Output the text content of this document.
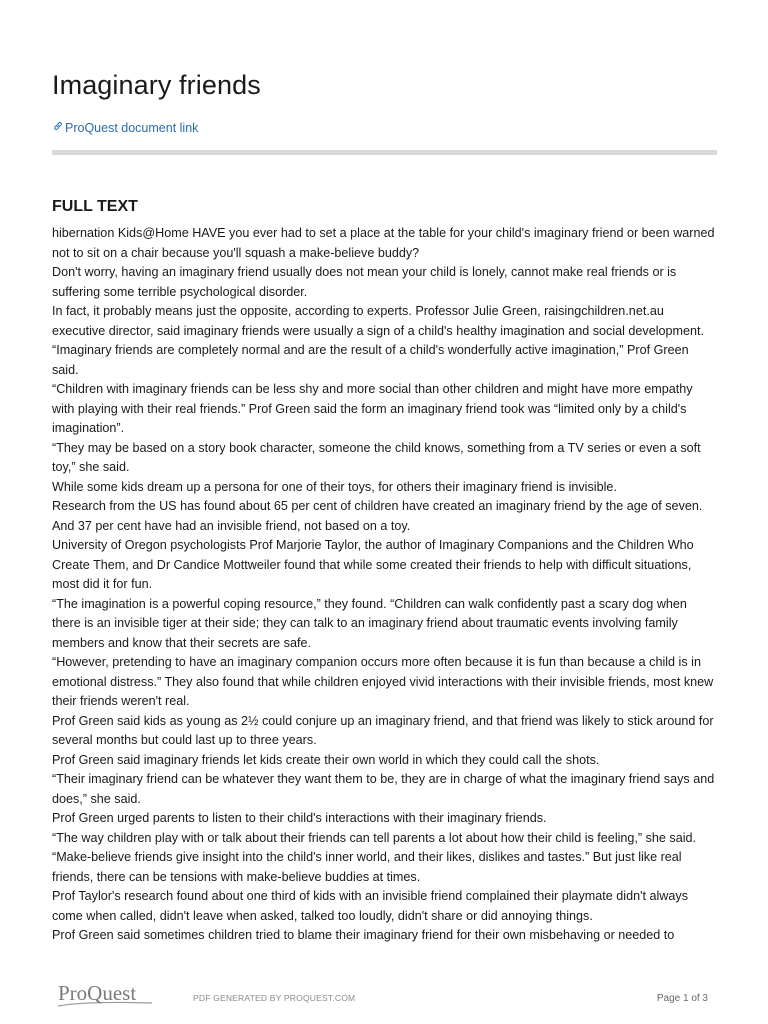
Imaginary friends
ProQuest document link
FULL TEXT

hibernation Kids@Home HAVE you ever had to set a place at the table for your child's imaginary friend or been warned not to sit on a chair because you'll squash a make-believe buddy?

Don't worry, having an imaginary friend usually does not mean your child is lonely, cannot make real friends or is suffering some terrible psychological disorder.

In fact, it probably means just the opposite, according to experts. Professor Julie Green, raisingchildren.net.au executive director, said imaginary friends were usually a sign of a child's healthy imagination and social development.

“Imaginary friends are completely normal and are the result of a child's wonderfully active imagination,” Prof Green said.

“Children with imaginary friends can be less shy and more social than other children and might have more empathy with playing with their real friends.” Prof Green said the form an imaginary friend took was “limited only by a child's imagination”.

“They may be based on a story book character, someone the child knows, something from a TV series or even a soft toy,” she said.

While some kids dream up a persona for one of their toys, for others their imaginary friend is invisible.

Research from the US has found about 65 per cent of children have created an imaginary friend by the age of seven. And 37 per cent have had an invisible friend, not based on a toy.

University of Oregon psychologists Prof Marjorie Taylor, the author of Imaginary Companions and the Children Who Create Them, and Dr Candice Mottweiler found that while some created their friends to help with difficult situations, most did it for fun.

“The imagination is a powerful coping resource,” they found. “Children can walk confidently past a scary dog when there is an invisible tiger at their side; they can talk to an imaginary friend about traumatic events involving family members and know that their secrets are safe.

“However, pretending to have an imaginary companion occurs more often because it is fun than because a child is in emotional distress.” They also found that while children enjoyed vivid interactions with their invisible friends, most knew their friends weren't real.

Prof Green said kids as young as 2½ could conjure up an imaginary friend, and that friend was likely to stick around for several months but could last up to three years.

Prof Green said imaginary friends let kids create their own world in which they could call the shots.

“Their imaginary friend can be whatever they want them to be, they are in charge of what the imaginary friend says and does,” she said.

Prof Green urged parents to listen to their child's interactions with their imaginary friends.

“The way children play with or talk about their friends can tell parents a lot about how their child is feeling,” she said.

“Make-believe friends give insight into the child's inner world, and their likes, dislikes and tastes.” But just like real friends, there can be tensions with make-believe buddies at times.

Prof Taylor's research found about one third of kids with an invisible friend complained their playmate didn't always come when called, didn't leave when asked, talked too loudly, didn't share or did annoying things.

Prof Green said sometimes children tried to blame their imaginary friend for their own misbehaving or needed to

ProQuest	PDF GENERATED BY PROQUEST.COM	Page 1 of 3
